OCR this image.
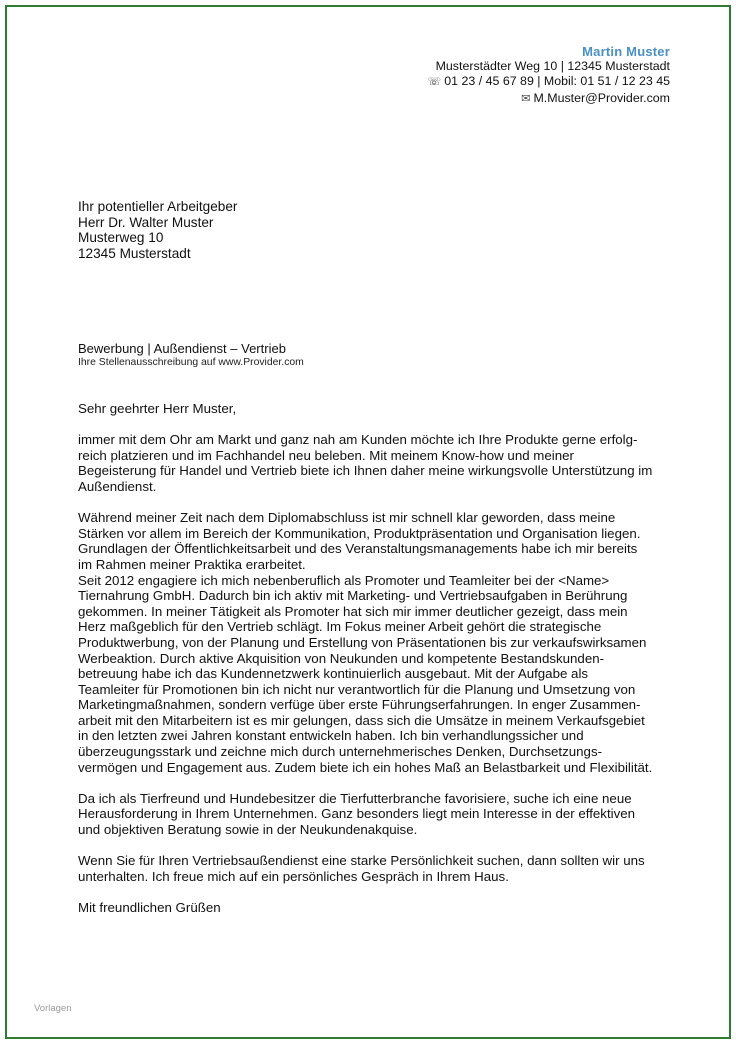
Martin Muster
Musterstädter Weg 10 | 12345 Musterstadt
☏ 01 23 / 45 67 89 | Mobil: 01 51 / 12 23 45
✉ M.Muster@Provider.com
Ihr potentieller Arbeitgeber
Herr Dr. Walter Muster
Musterweg 10
12345 Musterstadt
Bewerbung | Außendienst – Vertrieb
Ihre Stellenausschreibung auf www.Provider.com

Sehr geehrter Herr Muster,

immer mit dem Ohr am Markt und ganz nah am Kunden möchte ich Ihre Produkte gerne erfolg-
reich platzieren und im Fachhandel neu beleben. Mit meinem Know-how und meiner
Begeisterung für Handel und Vertrieb biete ich Ihnen daher meine wirkungsvolle Unterstützung im
Außendienst.

Während meiner Zeit nach dem Diplomabschluss ist mir schnell klar geworden, dass meine
Stärken vor allem im Bereich der Kommunikation, Produktpräsentation und Organisation liegen.
Grundlagen der Öffentlichkeitsarbeit und des Veranstaltungsmanagements habe ich mir bereits
im Rahmen meiner Praktika erarbeitet.
Seit 2012 engagiere ich mich nebenberuflich als Promoter und Teamleiter bei der <Name>
Tiernahrung GmbH. Dadurch bin ich aktiv mit Marketing- und Vertriebsaufgaben in Berührung
gekommen. In meiner Tätigkeit als Promoter hat sich mir immer deutlicher gezeigt, dass mein
Herz maßgeblich für den Vertrieb schlägt. Im Fokus meiner Arbeit gehört die strategische
Produktwerbung, von der Planung und Erstellung von Präsentationen bis zur verkaufswirksamen
Werbeaktion. Durch aktive Akquisition von Neukunden und kompetente Bestandskunden-
betreuung habe ich das Kundennetzwerk kontinuierlich ausgebaut. Mit der Aufgabe als
Teamleiter für Promotionen bin ich nicht nur verantwortlich für die Planung und Umsetzung von
Marketingmaßnahmen, sondern verfüge über erste Führungserfahrungen. In enger Zusammen-
arbeit mit den Mitarbeitern ist es mir gelungen, dass sich die Umsätze in meinem Verkaufsgebiet
in den letzten zwei Jahren konstant entwickeln haben. Ich bin verhandlungssicher und
überzeugungsstark und zeichne mich durch unternehmerisches Denken, Durchsetzungs-
vermögen und Engagement aus. Zudem biete ich ein hohes Maß an Belastbarkeit und Flexibilität.

Da ich als Tierfreund und Hundebesitzer die Tierfutterbranche favorisiere, suche ich eine neue
Herausforderung in Ihrem Unternehmen. Ganz besonders liegt mein Interesse in der effektiven
und objektiven Beratung sowie in der Neukundenakquise.

Wenn Sie für Ihren Vertriebsaußendienst eine starke Persönlichkeit suchen, dann sollten wir uns
unterhalten. Ich freue mich auf ein persönliches Gespräch in Ihrem Haus.

Mit freundlichen Grüßen

Vorlagen
